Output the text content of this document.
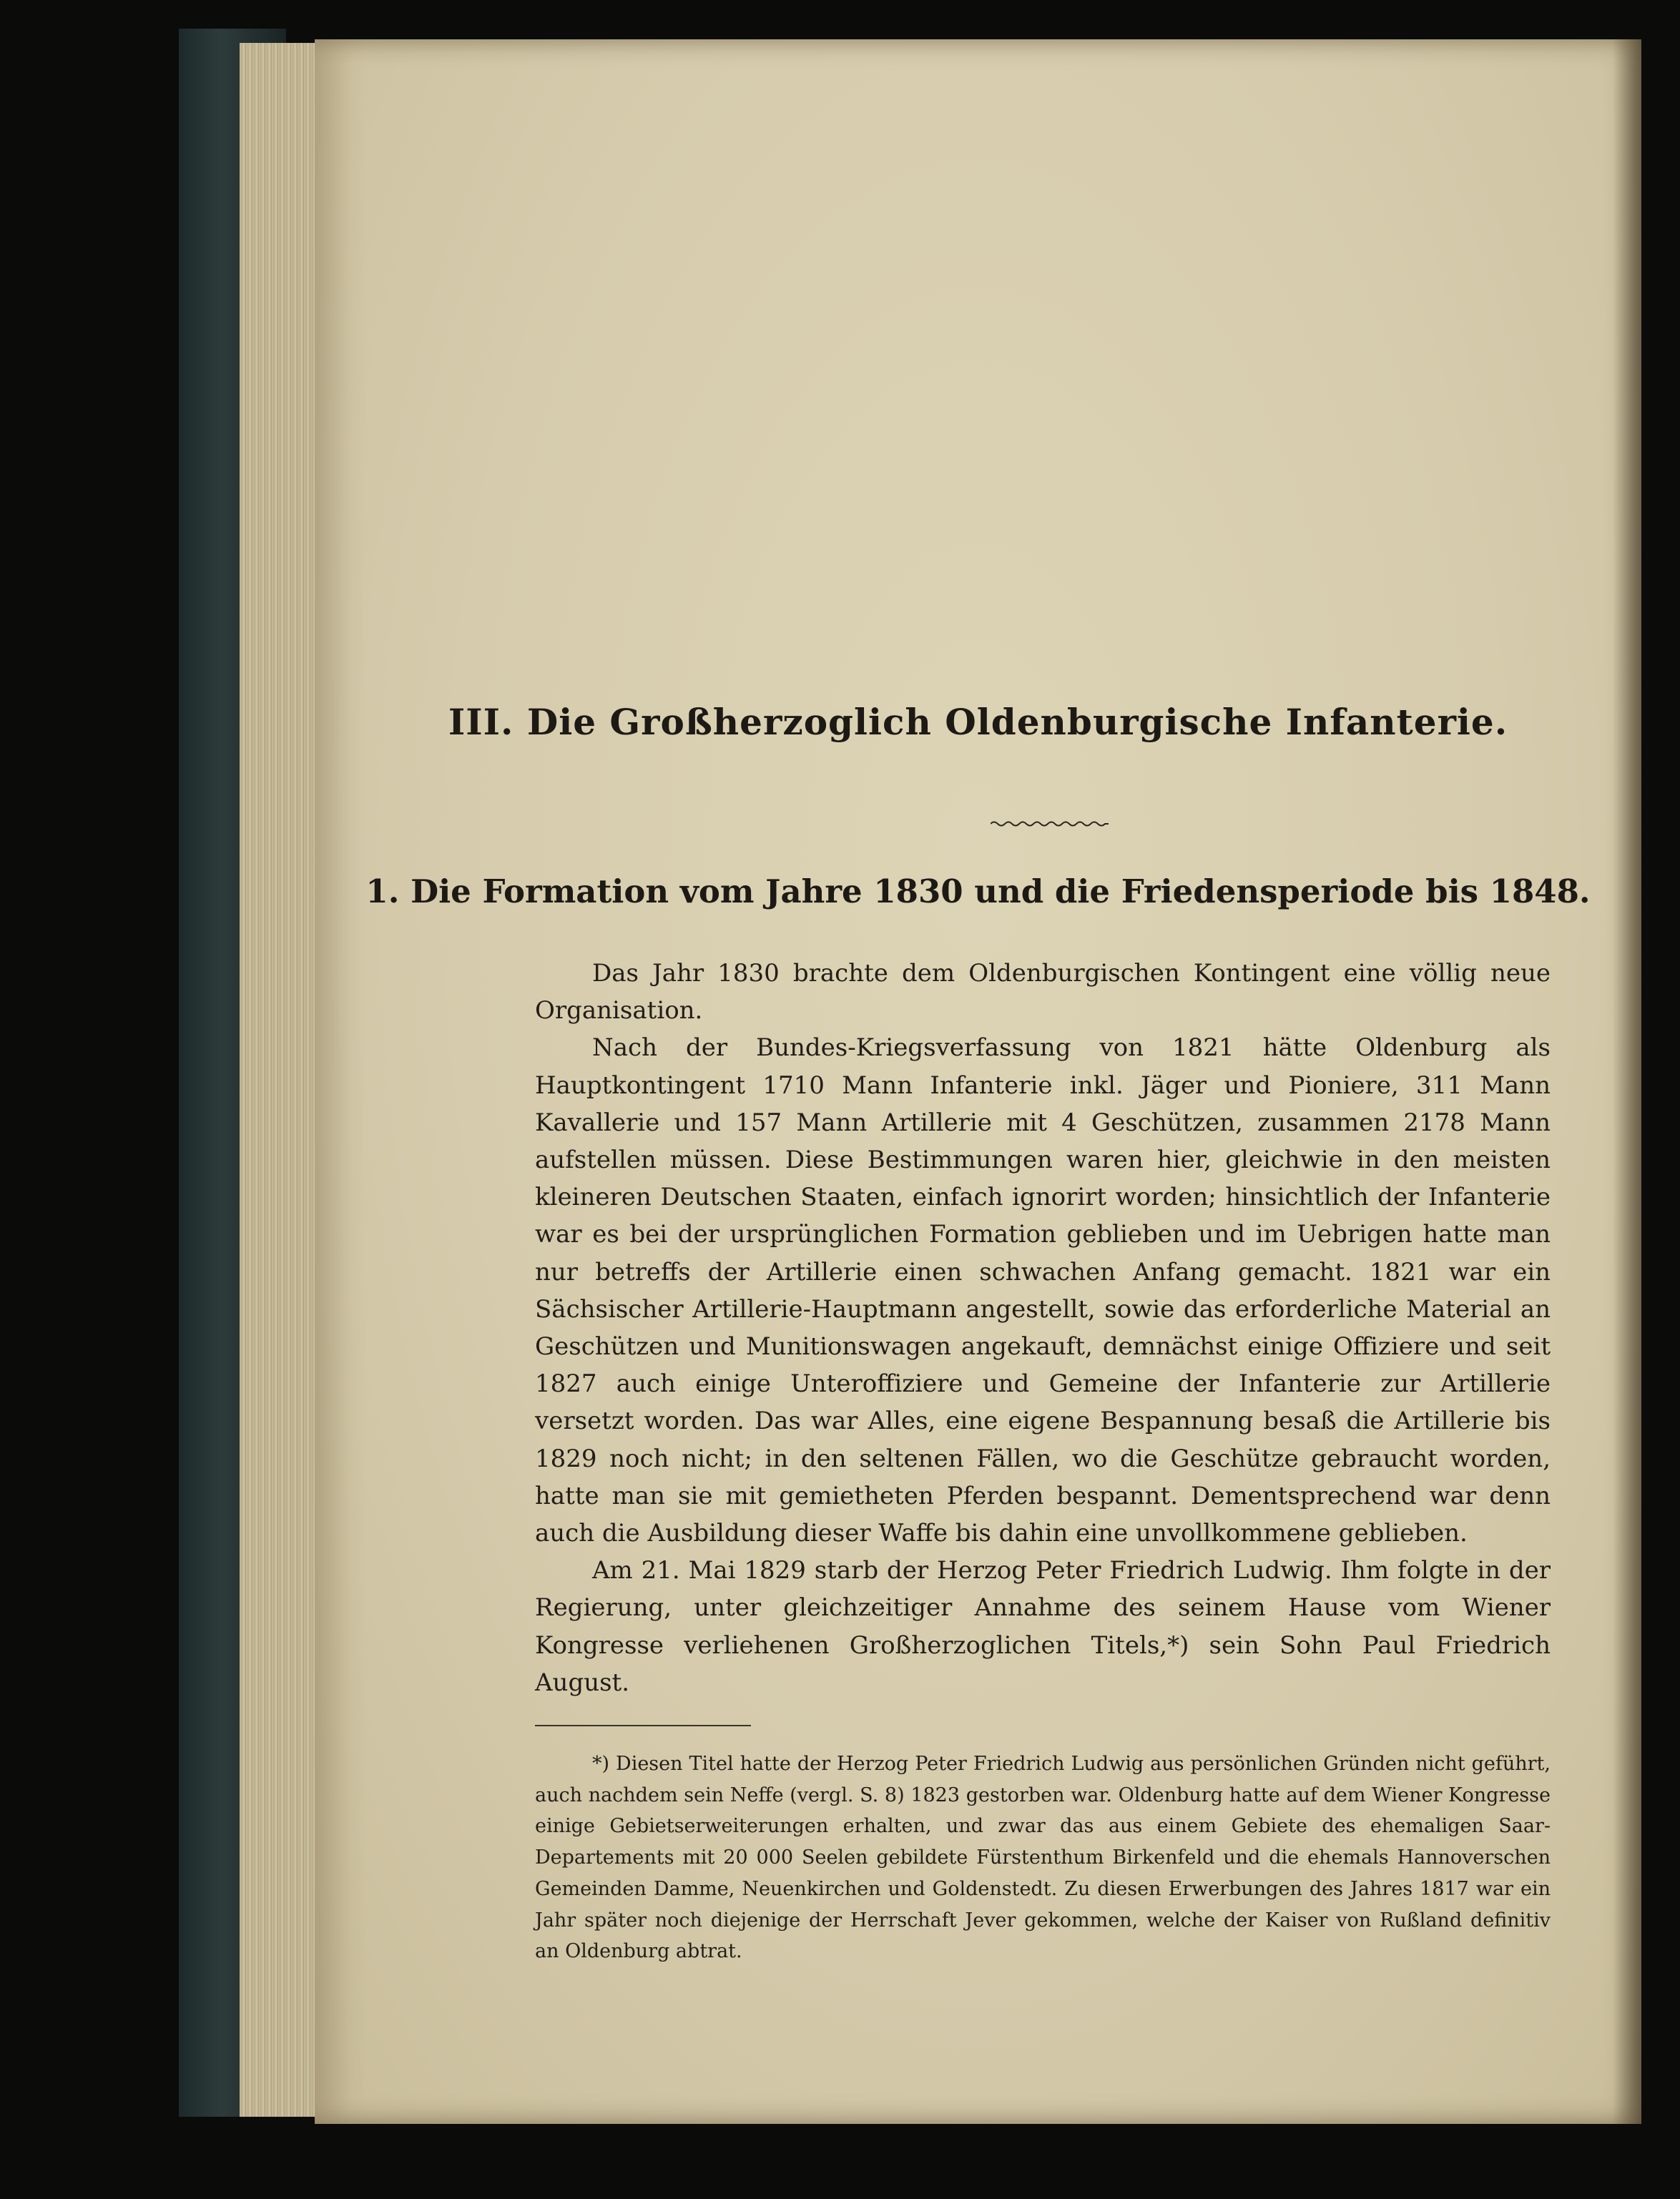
III. Die Großherzoglich Oldenburgische Infanterie.
1. Die Formation vom Jahre 1830 und die Friedensperiode bis 1848.

Das Jahr 1830 brachte dem Oldenburgischen Kontingent eine völlig neue Organisation.

Nach der Bundes-Kriegsverfassung von 1821 hätte Oldenburg als Hauptkontingent 1710 Mann Infanterie inkl. Jäger und Pioniere, 311 Mann Kavallerie und 157 Mann Artillerie mit 4 Geschützen, zusammen 2178 Mann aufstellen müssen. Diese Bestimmungen waren hier, gleichwie in den meisten kleineren Deutschen Staaten, einfach ignorirt worden; hinsichtlich der Infanterie war es bei der ursprünglichen Formation geblieben und im Uebrigen hatte man nur betreffs der Artillerie einen schwachen Anfang gemacht. 1821 war ein Sächsischer Artillerie-Hauptmann angestellt, sowie das erforderliche Material an Geschützen und Munitionswagen angekauft, demnächst einige Offiziere und seit 1827 auch einige Unteroffiziere und Gemeine der Infanterie zur Artillerie versetzt worden. Das war Alles, eine eigene Bespannung besaß die Artillerie bis 1829 noch nicht; in den seltenen Fällen, wo die Geschütze gebraucht worden, hatte man sie mit gemietheten Pferden bespannt. Dementsprechend war denn auch die Ausbildung dieser Waffe bis dahin eine unvollkommene geblieben.

Am 21. Mai 1829 starb der Herzog Peter Friedrich Ludwig. Ihm folgte in der Regierung, unter gleichzeitiger Annahme des seinem Hause vom Wiener Kongresse verliehenen Großherzoglichen Titels,*) sein Sohn Paul Friedrich August.

*) Diesen Titel hatte der Herzog Peter Friedrich Ludwig aus persönlichen Gründen nicht geführt, auch nachdem sein Neffe (vergl. S. 8) 1823 gestorben war. Oldenburg hatte auf dem Wiener Kongresse einige Gebietserweiterungen erhalten, und zwar das aus einem Gebiete des ehemaligen Saar-Departements mit 20 000 Seelen gebildete Fürstenthum Birkenfeld und die ehemals Hannoverschen Gemeinden Damme, Neuenkirchen und Goldenstedt. Zu diesen Erwerbungen des Jahres 1817 war ein Jahr später noch diejenige der Herrschaft Jever gekommen, welche der Kaiser von Rußland definitiv an Oldenburg abtrat.
